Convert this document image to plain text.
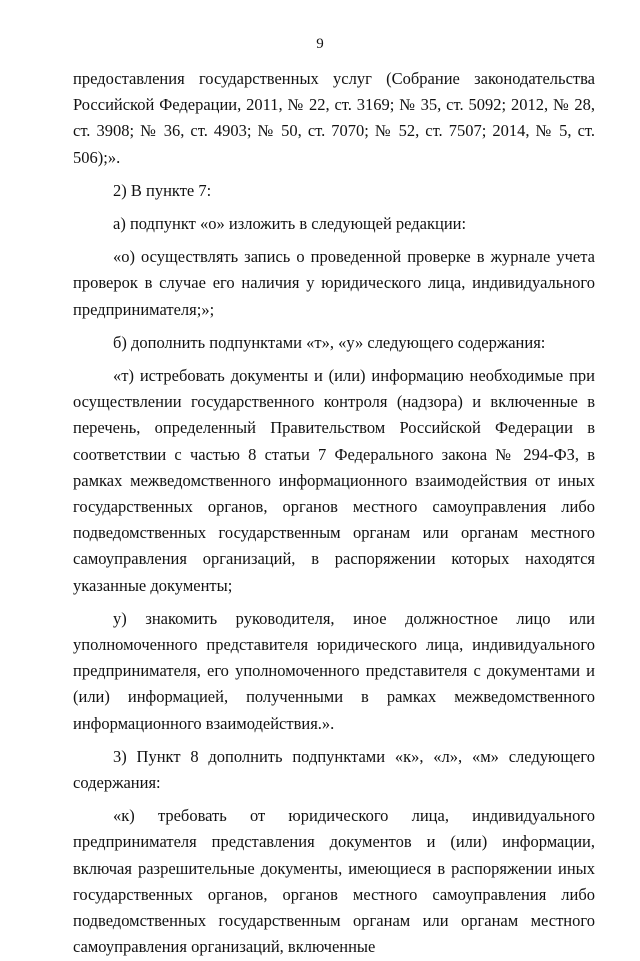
9

предоставления государственных услуг (Собрание законодательства Российской Федерации, 2011, № 22, ст. 3169; № 35, ст. 5092; 2012, № 28, ст. 3908; № 36, ст. 4903; № 50, ст. 7070; № 52, ст. 7507; 2014, № 5, ст. 506);».

2) В пункте 7:

а) подпункт «о» изложить в следующей редакции:

«о) осуществлять запись о проведенной проверке в журнале учета проверок в случае его наличия у юридического лица, индивидуального предпринимателя;»;

б) дополнить подпунктами «т», «у» следующего содержания:

«т) истребовать документы и (или) информацию необходимые при осуществлении государственного контроля (надзора) и включенные в перечень, определенный Правительством Российской Федерации в соответствии с частью 8 статьи 7 Федерального закона № 294-ФЗ, в рамках межведомственного информационного взаимодействия от иных государственных органов, органов местного самоуправления либо подведомственных государственным органам или органам местного самоуправления организаций, в распоряжении которых находятся указанные документы;

у) знакомить руководителя, иное должностное лицо или уполномоченного представителя юридического лица, индивидуального предпринимателя, его уполномоченного представителя с документами и (или) информацией, полученными в рамках межведомственного информационного взаимодействия.».

3) Пункт 8 дополнить подпунктами «к», «л», «м» следующего содержания:

«к) требовать от юридического лица, индивидуального предпринимателя представления документов и (или) информации, включая разрешительные документы, имеющиеся в распоряжении иных государственных органов, органов местного самоуправления либо подведомственных государственным органам или органам местного самоуправления организаций, включенные
